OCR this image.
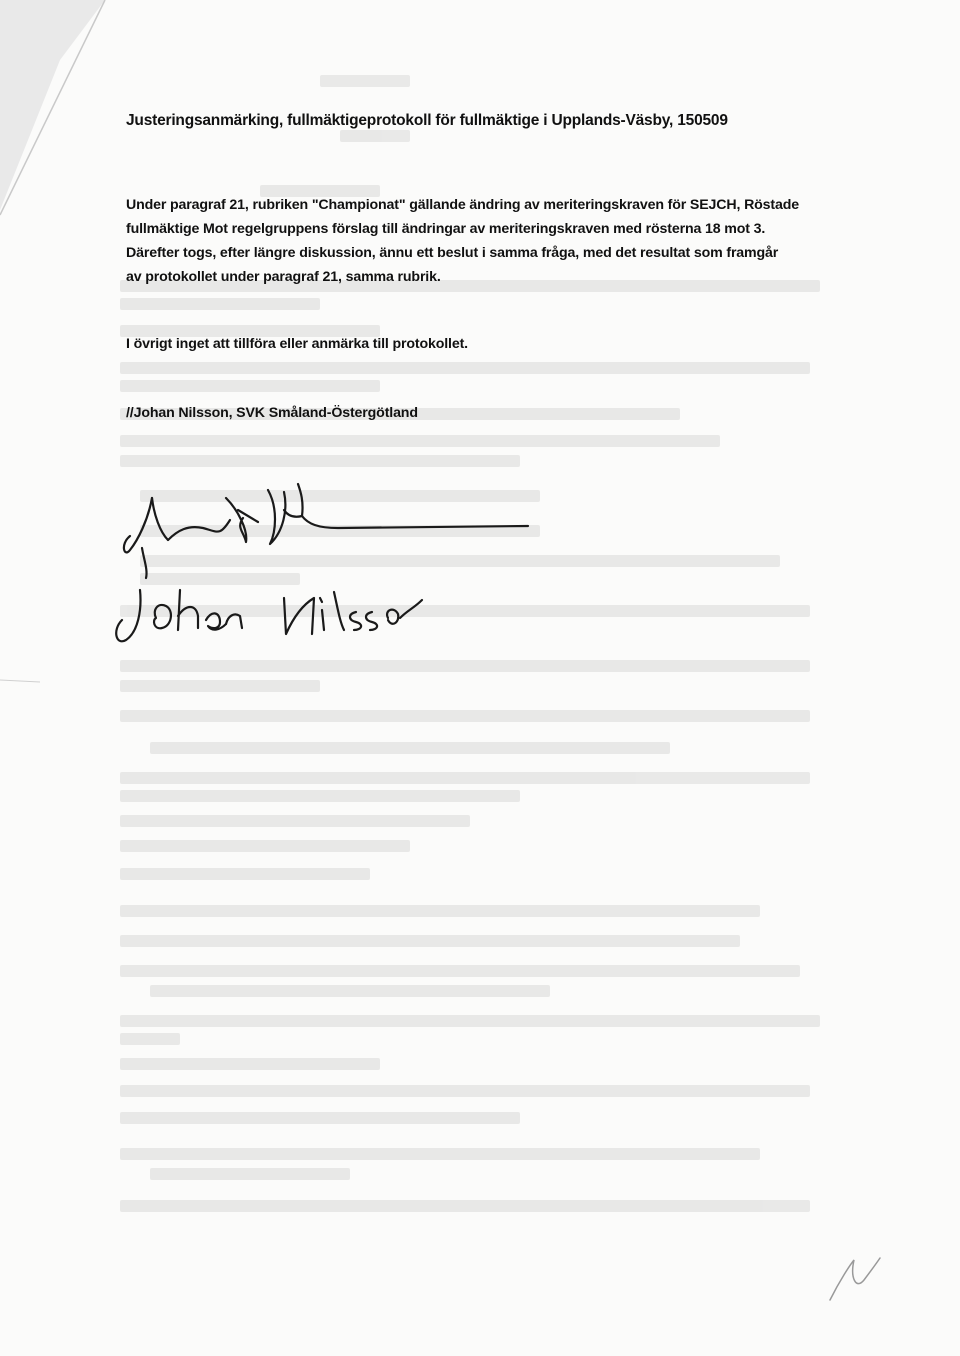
Justeringsanmärking, fullmäktigeprotokoll för fullmäktige i Upplands-Väsby, 150509

Under paragraf 21, rubriken "Championat" gällande ändring av meriteringskraven för SEJCH, Röstade

fullmäktige Mot regelgruppens förslag till ändringar av meriteringskraven med rösterna 18 mot 3.

Därefter togs, efter längre diskussion, ännu ett beslut i samma fråga, med det resultat som framgår

av protokollet under paragraf 21, samma rubrik.

I övrigt inget att tillföra eller anmärka till protokollet.

//Johan Nilsson, SVK Småland-Östergötland
